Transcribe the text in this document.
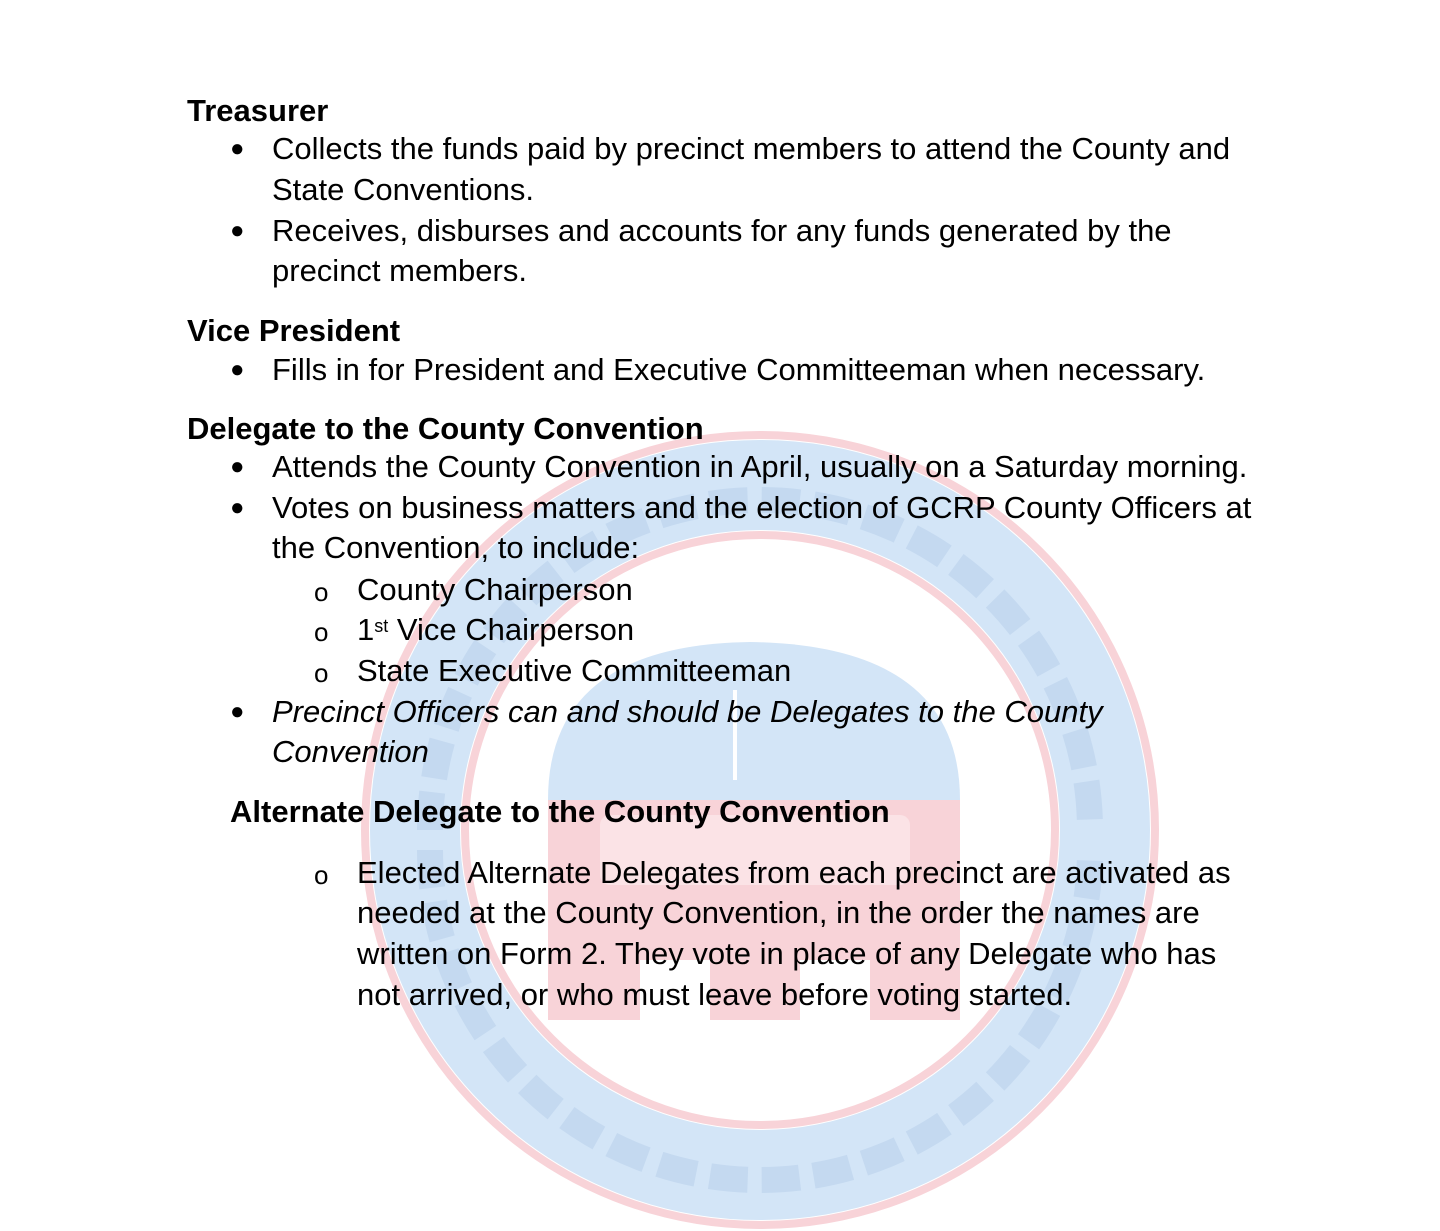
Treasurer
● Collects the funds paid by precinct members to attend the County and
State Conventions.
● Receives, disburses and accounts for any funds generated by the
precinct members.
Vice President
● Fills in for President and Executive Committeeman when necessary.
Delegate to the County Convention
● Attends the County Convention in April, usually on a Saturday morning.
● Votes on business matters and the election of GCRP County Officers at
the Convention, to include:
o County Chairperson
o 1st Vice Chairperson
o State Executive Committeeman
● Precinct Officers can and should be Delegates to the County
Convention
Alternate Delegate to the County Convention
o Elected Alternate Delegates from each precinct are activated as
needed at the County Convention, in the order the names are
written on Form 2. They vote in place of any Delegate who has
not arrived, or who must leave before voting started.
